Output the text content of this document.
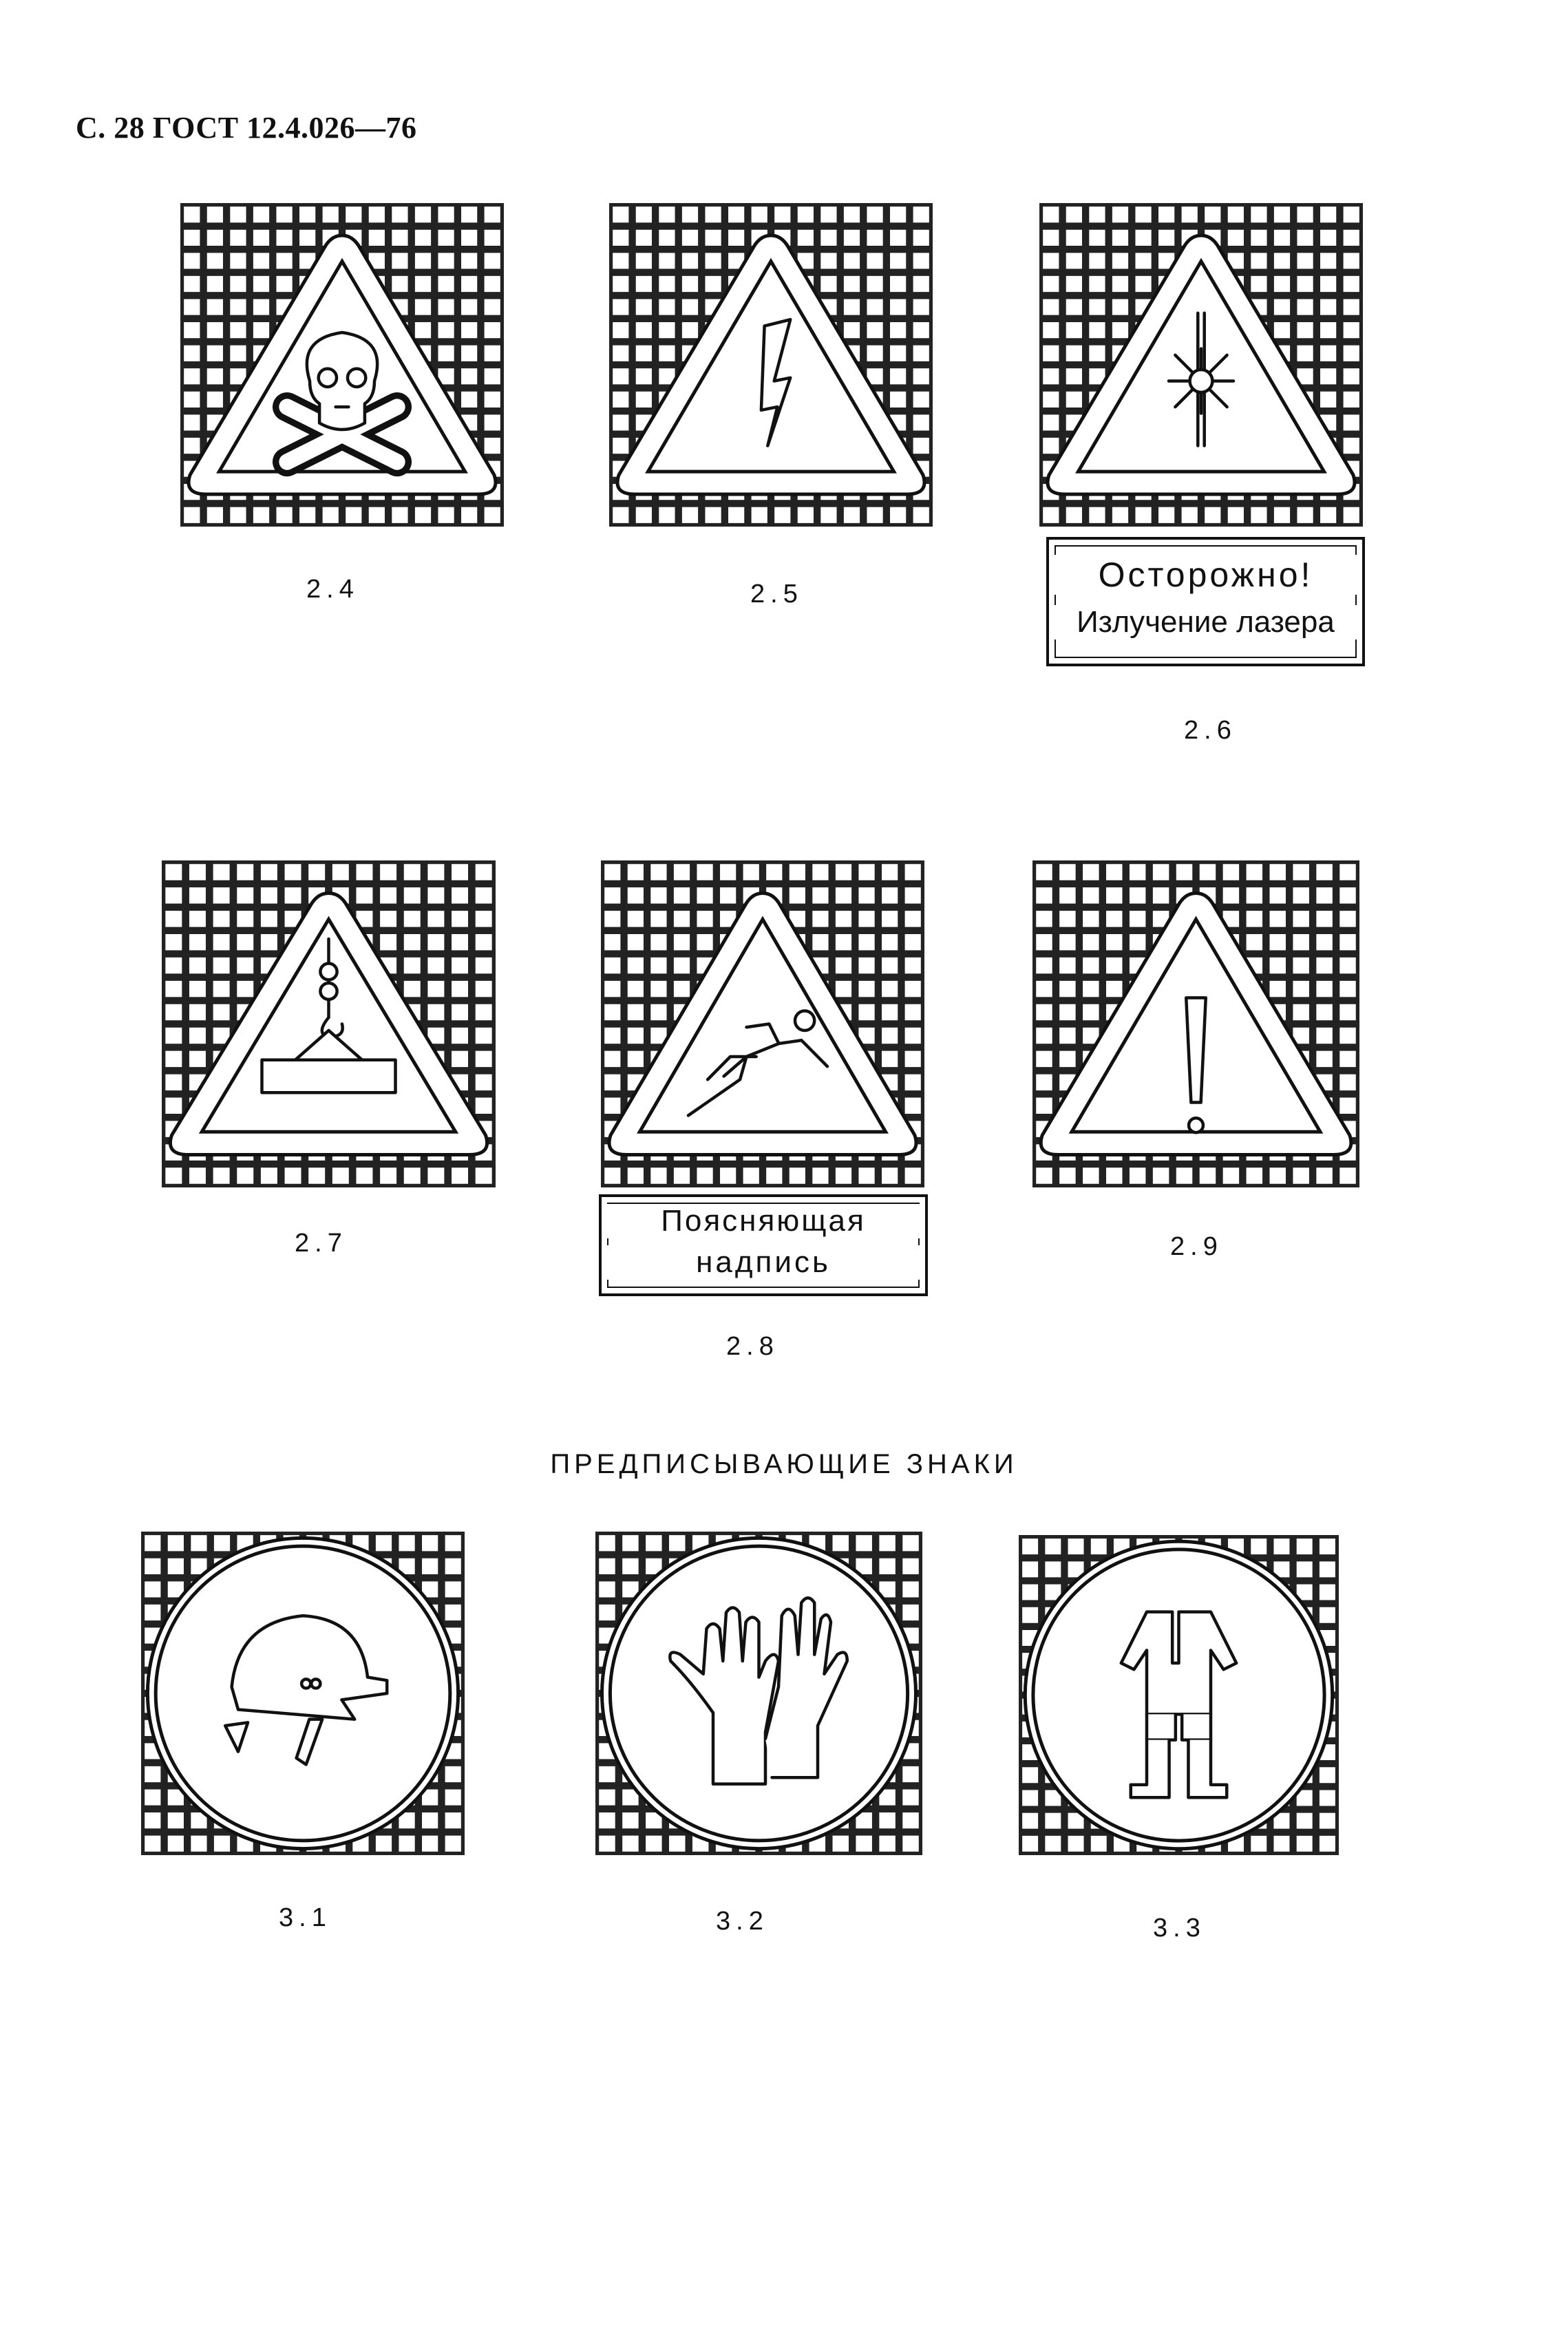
С. 28 ГОСТ 12.4.026—76
Осторожно!
Излучение лазера
2.4	2.5
2.6
Поясняющая
надпись
2.7
2.8
2.9
ПРЕДПИСЫВАЮЩИЕ ЗНАКИ
3.1	3.2	3.3
